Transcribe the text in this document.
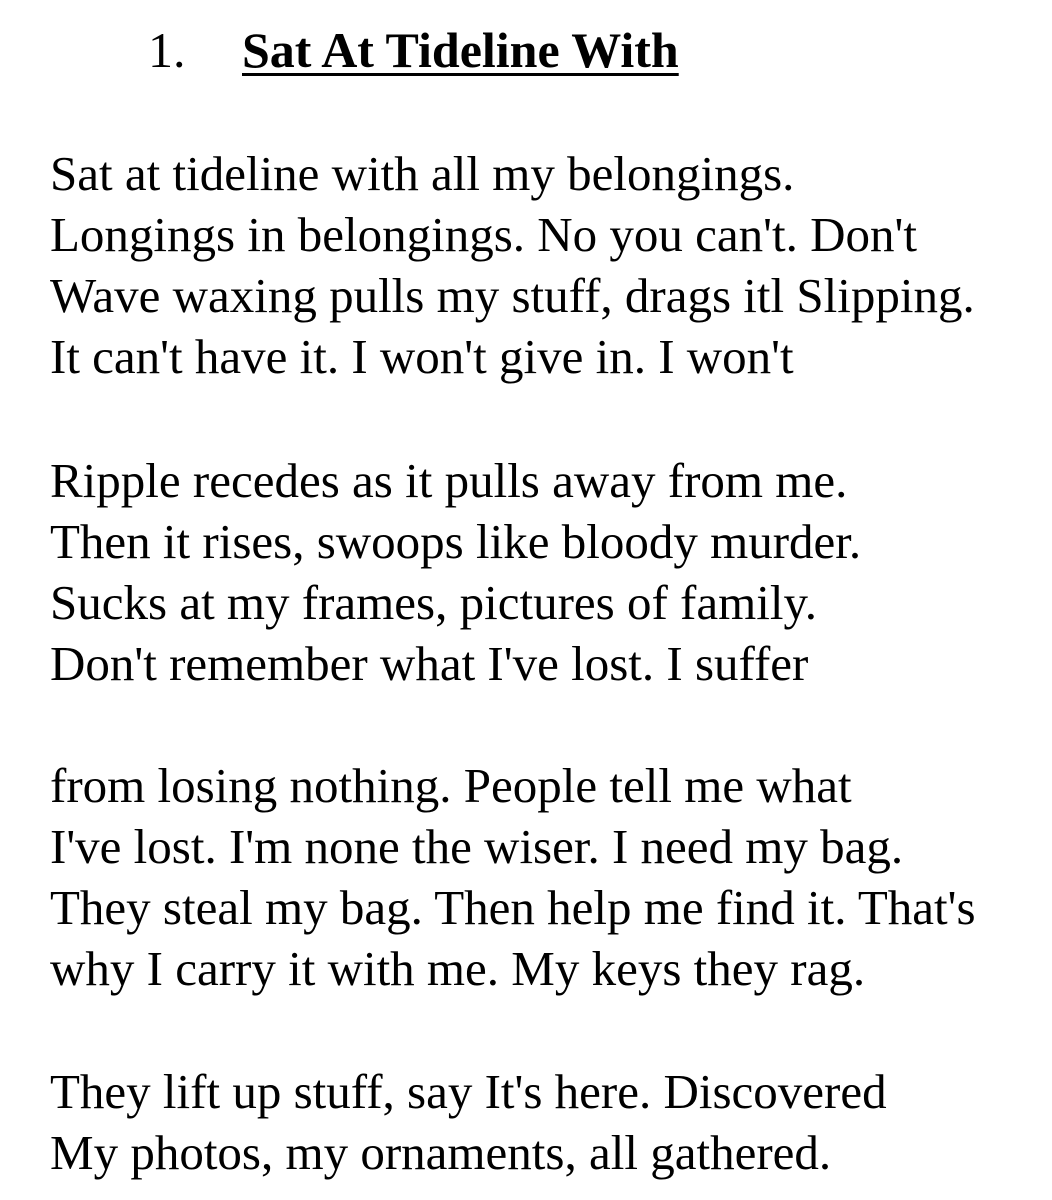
1. Sat At Tideline With
Sat at tideline with all my belongings.
Longings in belongings. No you can't. Don't
Wave waxing pulls my stuff, drags itl Slipping.
It can't have it. I won't give in. I won't
Ripple recedes as it pulls away from me.
Then it rises, swoops like bloody murder.
Sucks at my frames, pictures of family.
Don't remember what I've lost. I suffer
from losing nothing. People tell me what
I've lost. I'm none the wiser. I need my bag.
They steal my bag. Then help me find it. That's
why I carry it with me. My keys they rag.
They lift up stuff, say It's here. Discovered
My photos, my ornaments, all gathered.
